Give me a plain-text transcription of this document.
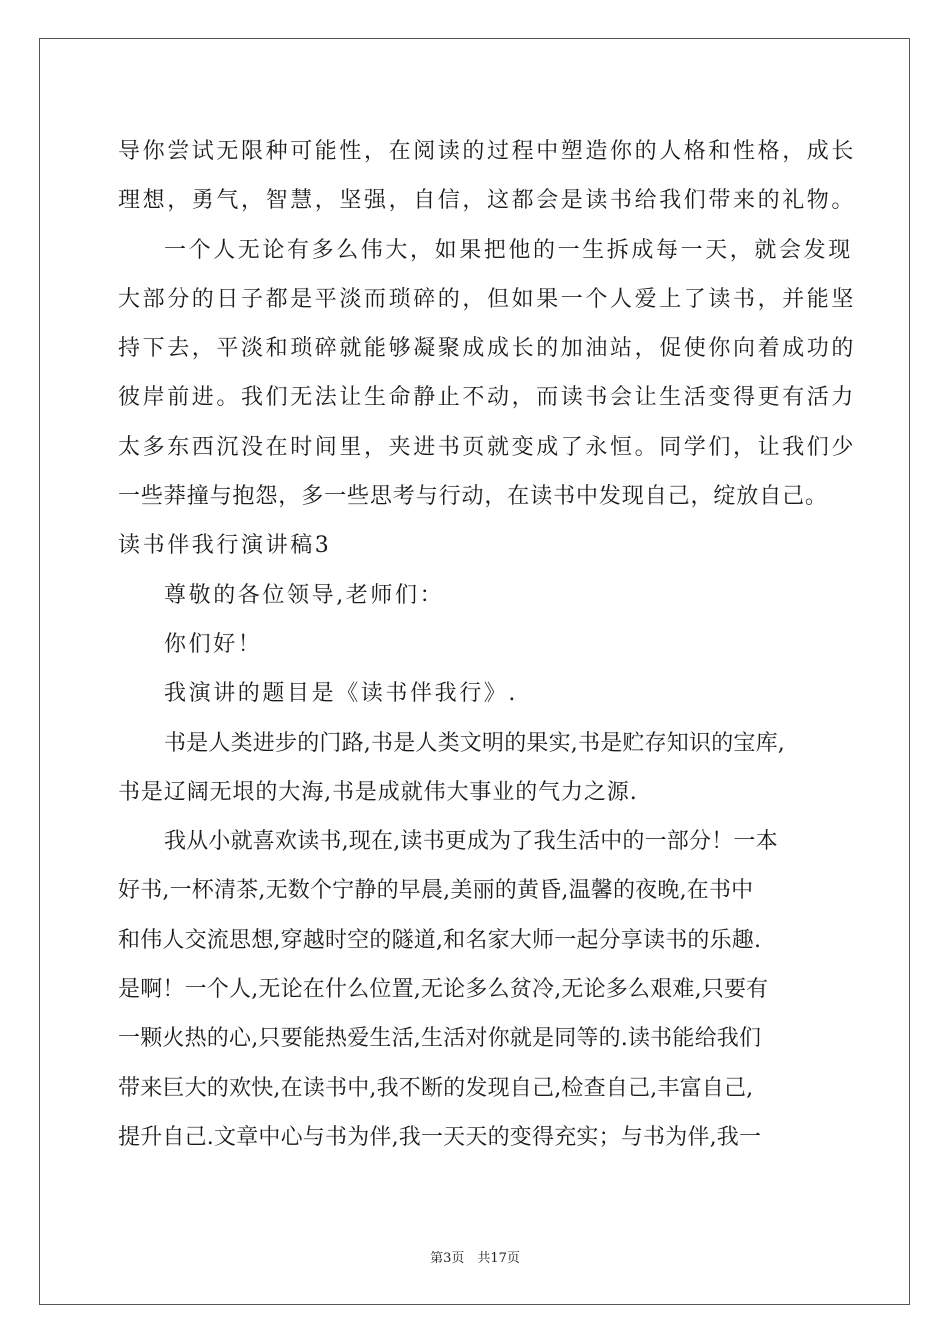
导你尝试无限种可能性，在阅读的过程中塑造你的人格和性格，成长
理想，勇气，智慧，坚强，自信，这都会是读书给我们带来的礼物。
一个人无论有多么伟大，如果把他的一生拆成每一天，就会发现
大部分的日子都是平淡而琐碎的，但如果一个人爱上了读书，并能坚
持下去，平淡和琐碎就能够凝聚成成长的加油站，促使你向着成功的
彼岸前进。我们无法让生命静止不动，而读书会让生活变得更有活力
太多东西沉没在时间里，夹进书页就变成了永恒。同学们，让我们少
一些莽撞与抱怨，多一些思考与行动，在读书中发现自己，绽放自己。
读书伴我行演讲稿3
尊敬的各位领导,老师们：
你们好！
我演讲的题目是《读书伴我行》.
书是人类进步的门路,书是人类文明的果实,书是贮存知识的宝库,
书是辽阔无垠的大海,书是成就伟大事业的气力之源.
我从小就喜欢读书,现在,读书更成为了我生活中的一部分！一本
好书,一杯清茶,无数个宁静的早晨,美丽的黄昏,温馨的夜晚,在书中
和伟人交流思想,穿越时空的隧道,和名家大师一起分享读书的乐趣.
是啊！一个人,无论在什么位置,无论多么贫冷,无论多么艰难,只要有
一颗火热的心,只要能热爱生活,生活对你就是同等的.读书能给我们
带来巨大的欢快,在读书中,我不断的发现自己,检查自己,丰富自己,
提升自己.文章中心与书为伴,我一天天的变得充实；与书为伴,我一
第3页　共17页
